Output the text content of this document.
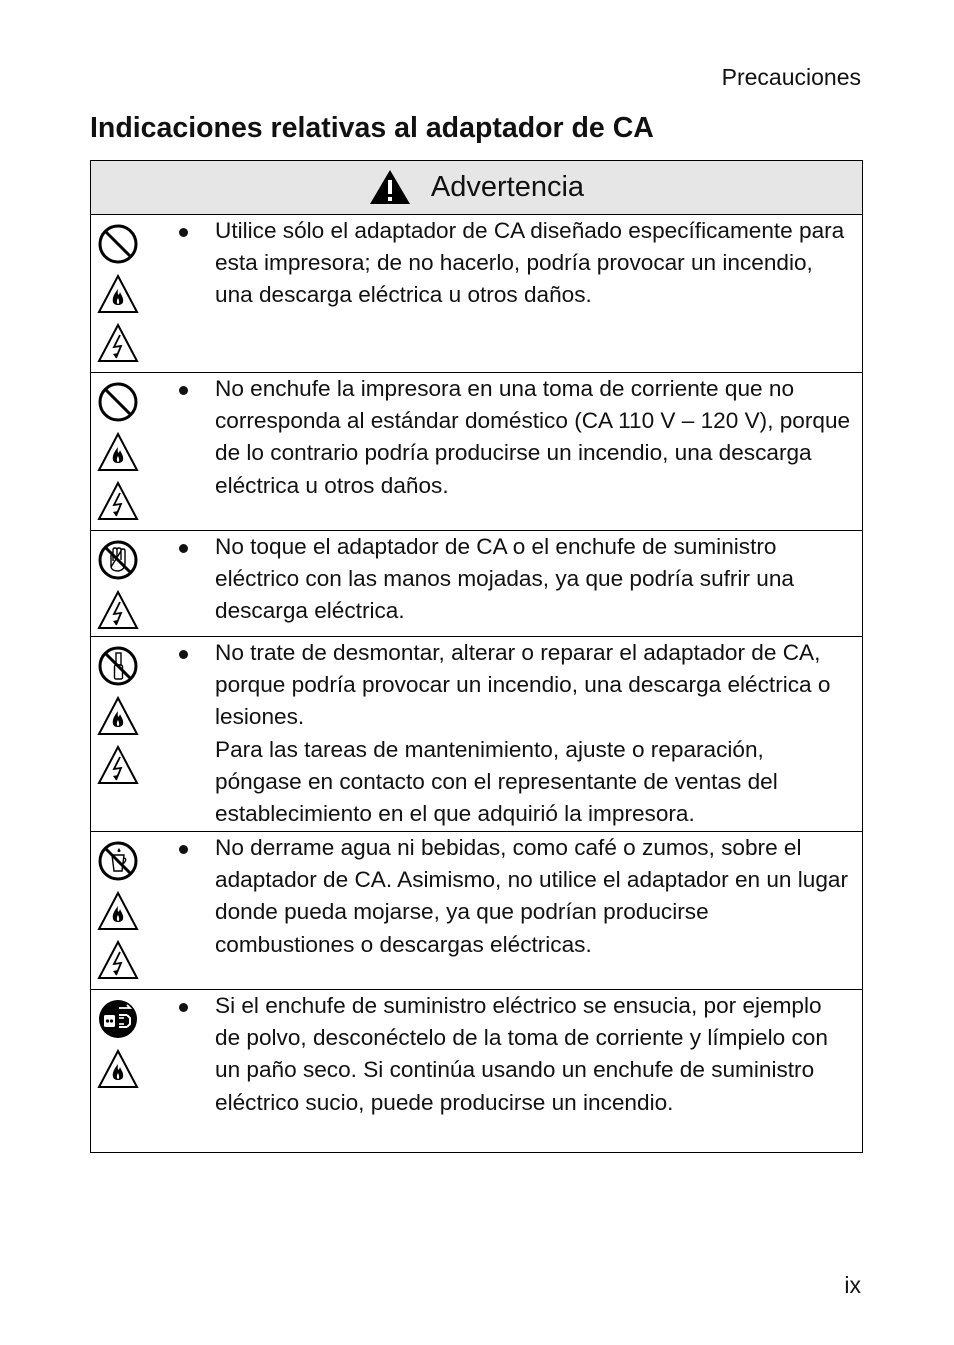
Precauciones
Indicaciones relativas al adaptador de CA
Advertencia

Utilice sólo el adaptador de CA diseñado específicamente para esta impresora; de no hacerlo, podría provocar un incendio, una descarga eléctrica u otros daños.

No enchufe la impresora en una toma de corriente que no corresponda al estándar doméstico (CA 110 V – 120 V), porque de lo contrario podría producirse un incendio, una descarga eléctrica u otros daños.

No toque el adaptador de CA o el enchufe de suministro eléctrico con las manos mojadas, ya que podría sufrir una descarga eléctrica.

No trate de desmontar, alterar o reparar el adaptador de CA, porque podría provocar un incendio, una descarga eléctrica o lesiones.

Para las tareas de mantenimiento, ajuste o reparación, póngase en contacto con el representante de ventas del establecimiento en el que adquirió la impresora.

No derrame agua ni bebidas, como café o zumos, sobre el adaptador de CA. Asimismo, no utilice el adaptador en un lugar donde pueda mojarse, ya que podrían producirse combustiones o descargas eléctricas.

Si el enchufe de suministro eléctrico se ensucia, por ejemplo de polvo, desconéctelo de la toma de corriente y límpielo con un paño seco. Si continúa usando un enchufe de suministro eléctrico sucio, puede producirse un incendio.

ix
